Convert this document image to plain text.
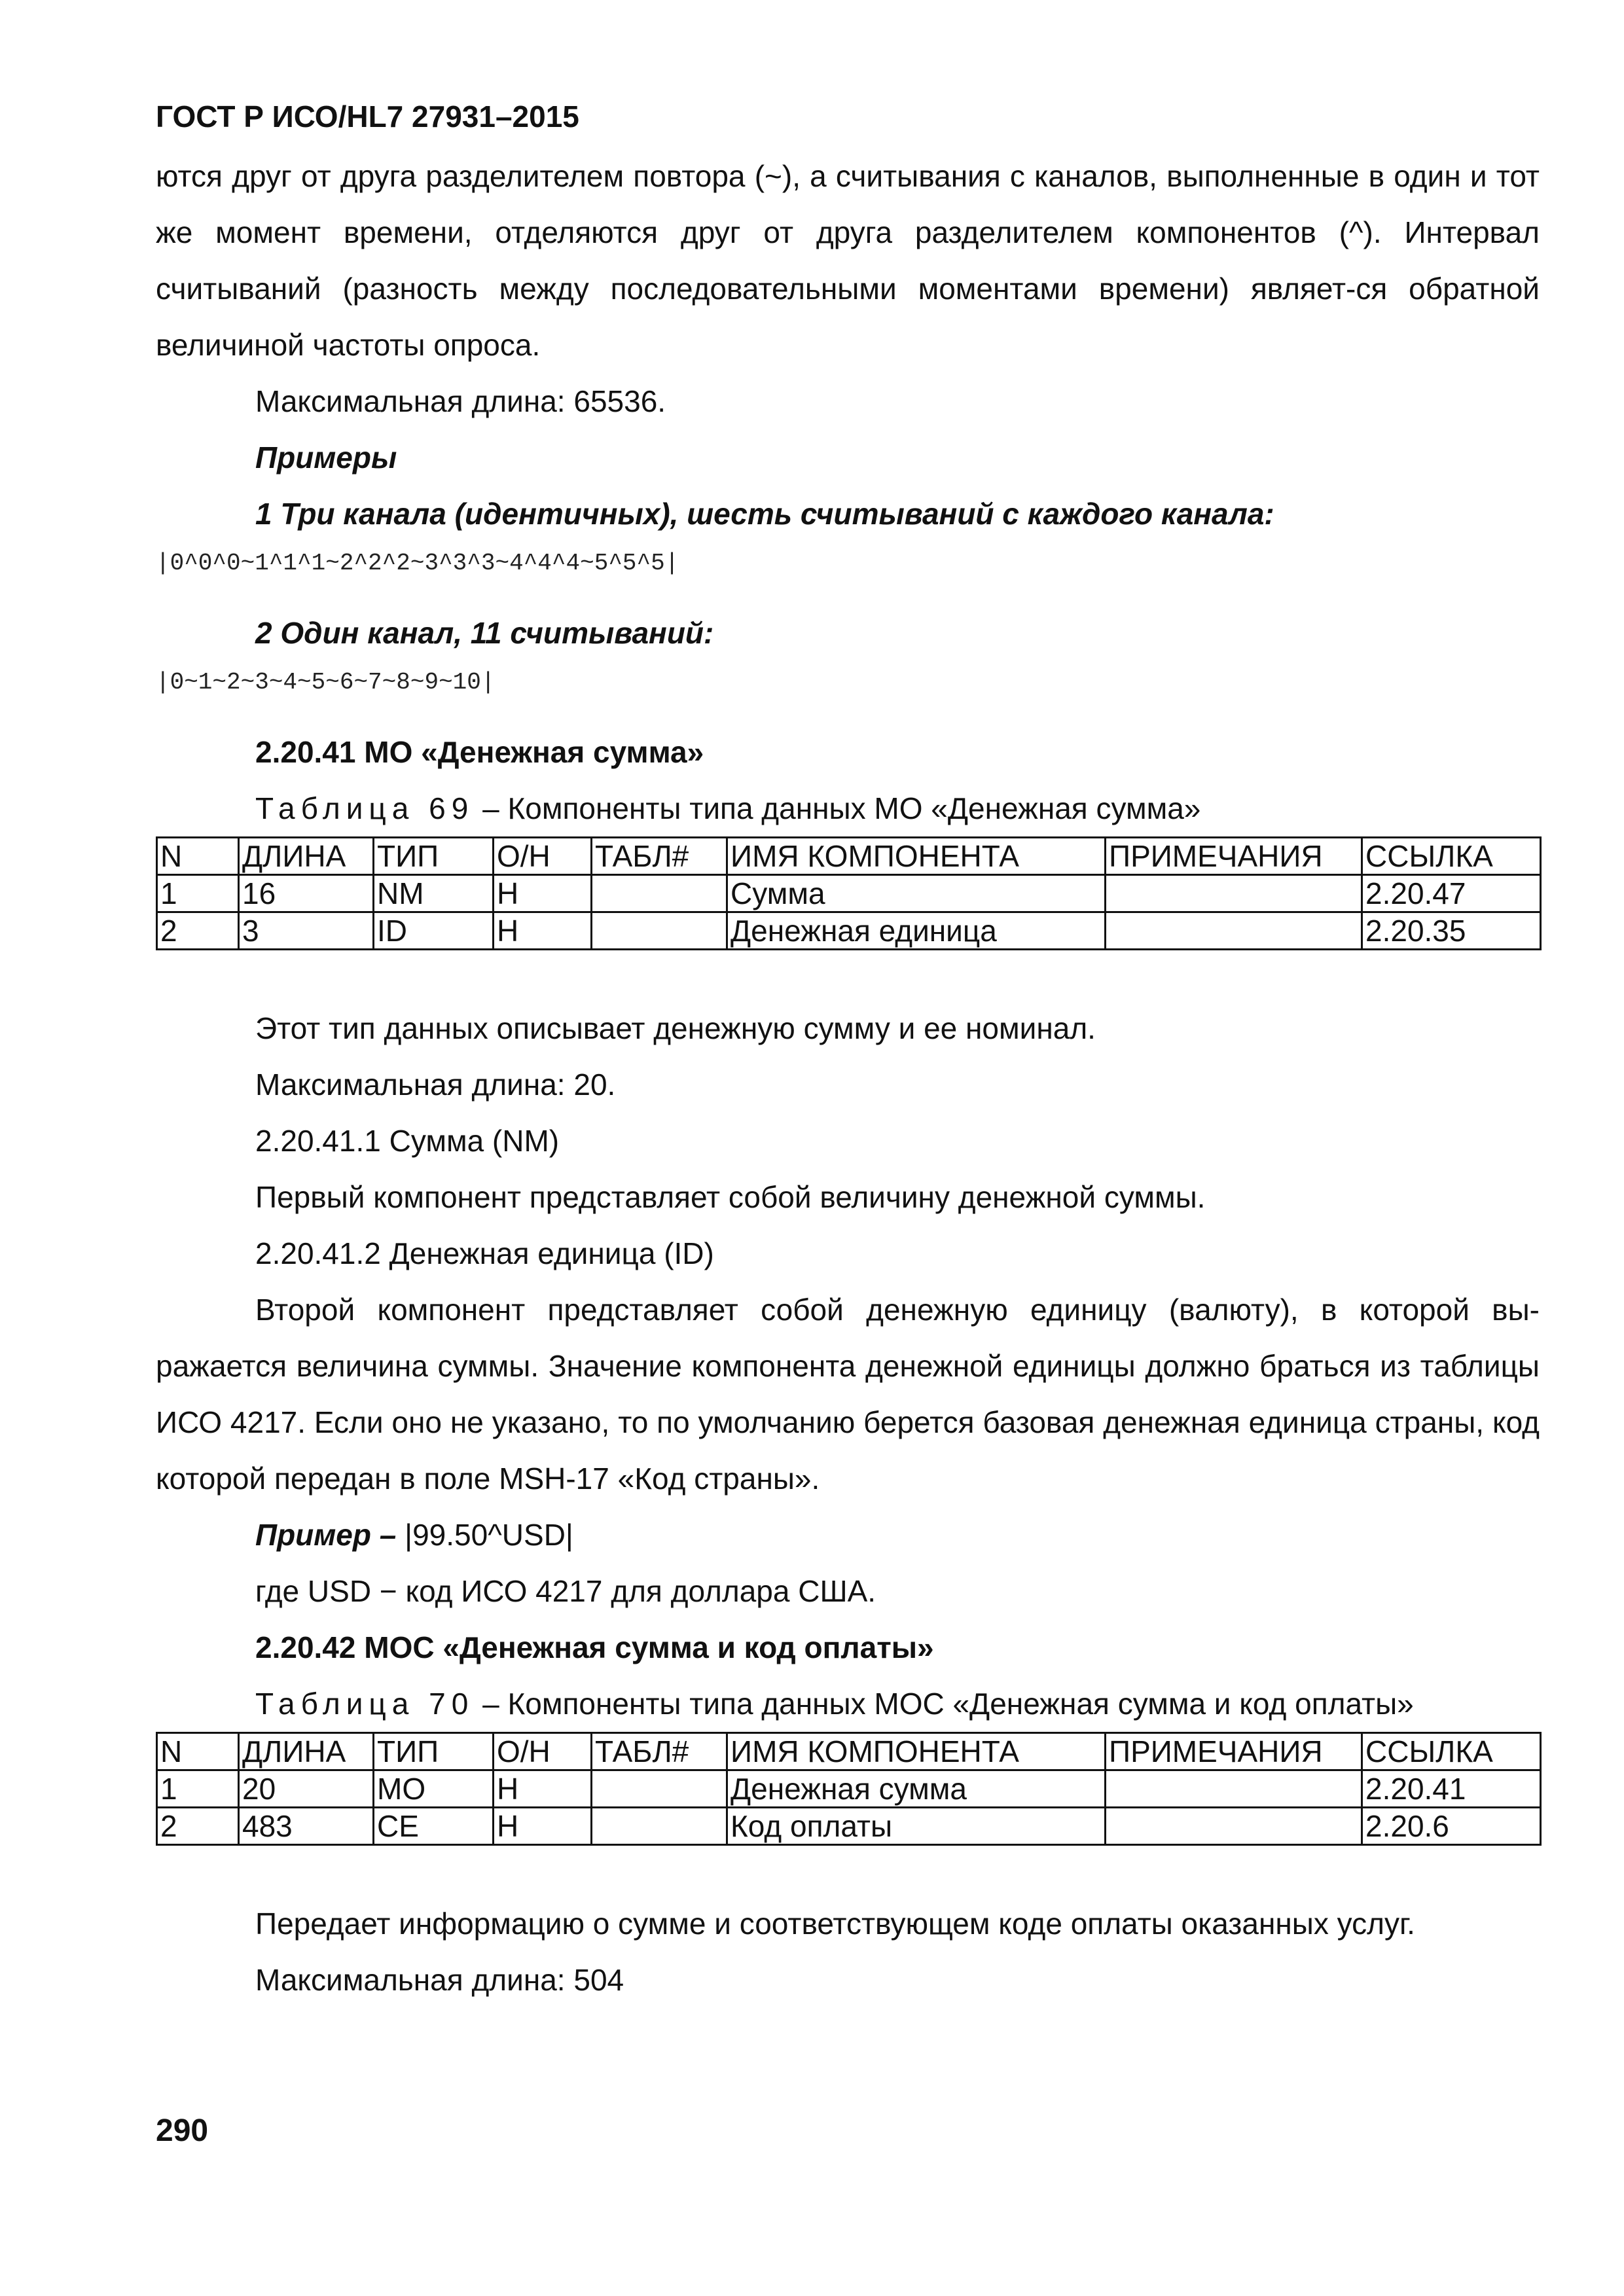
ГОСТ Р ИСО/HL7 27931–2015

ются друг от друга разделителем повтора (~), а считывания с каналов, выполненные в один и тот же момент времени, отделяются друг от друга разделителем компонентов (^). Интервал считываний (разность между последовательными моментами времени) являет-ся обратной величиной частоты опроса.

Максимальная длина: 65536.

Примеры

1 Три канала (идентичных), шесть считываний с каждого канала:

|0^0^0~1^1^1~2^2^2~3^3^3~4^4^4~5^5^5|

2 Один канал, 11 считываний:

|0~1~2~3~4~5~6~7~8~9~10|

2.20.41 MO «Денежная сумма»

Таблица 69 – Компоненты типа данных MO «Денежная сумма»

N	ДЛИНА	ТИП	О/Н	ТАБЛ#	ИМЯ КОМПОНЕНТА	ПРИМЕЧАНИЯ	ССЫЛКА
1	16	NM	Н		Сумма		2.20.47
2	3	ID	Н		Денежная единица		2.20.35

Этот тип данных описывает денежную сумму и ее номинал.

Максимальная длина: 20.

2.20.41.1 Сумма (NM)

Первый компонент представляет собой величину денежной суммы.

2.20.41.2 Денежная единица (ID)

Второй компонент представляет собой денежную единицу (валюту), в которой вы-ражается величина суммы. Значение компонента денежной единицы должно браться из таблицы ИСО 4217. Если оно не указано, то по умолчанию берется базовая денежная единица страны, код которой передан в поле MSH-17 «Код страны».

Пример – |99.50^USD|

где USD − код ИСО 4217 для доллара США.

2.20.42 MOC «Денежная сумма и код оплаты»

Таблица 70 – Компоненты типа данных MOC «Денежная сумма и код оплаты»

N	ДЛИНА	ТИП	О/Н	ТАБЛ#	ИМЯ КОМПОНЕНТА	ПРИМЕЧАНИЯ	ССЫЛКА
1	20	MO	Н		Денежная сумма		2.20.41
2	483	CE	Н		Код оплаты		2.20.6

Передает информацию о сумме и соответствующем коде оплаты оказанных услуг.

Максимальная длина: 504

290
